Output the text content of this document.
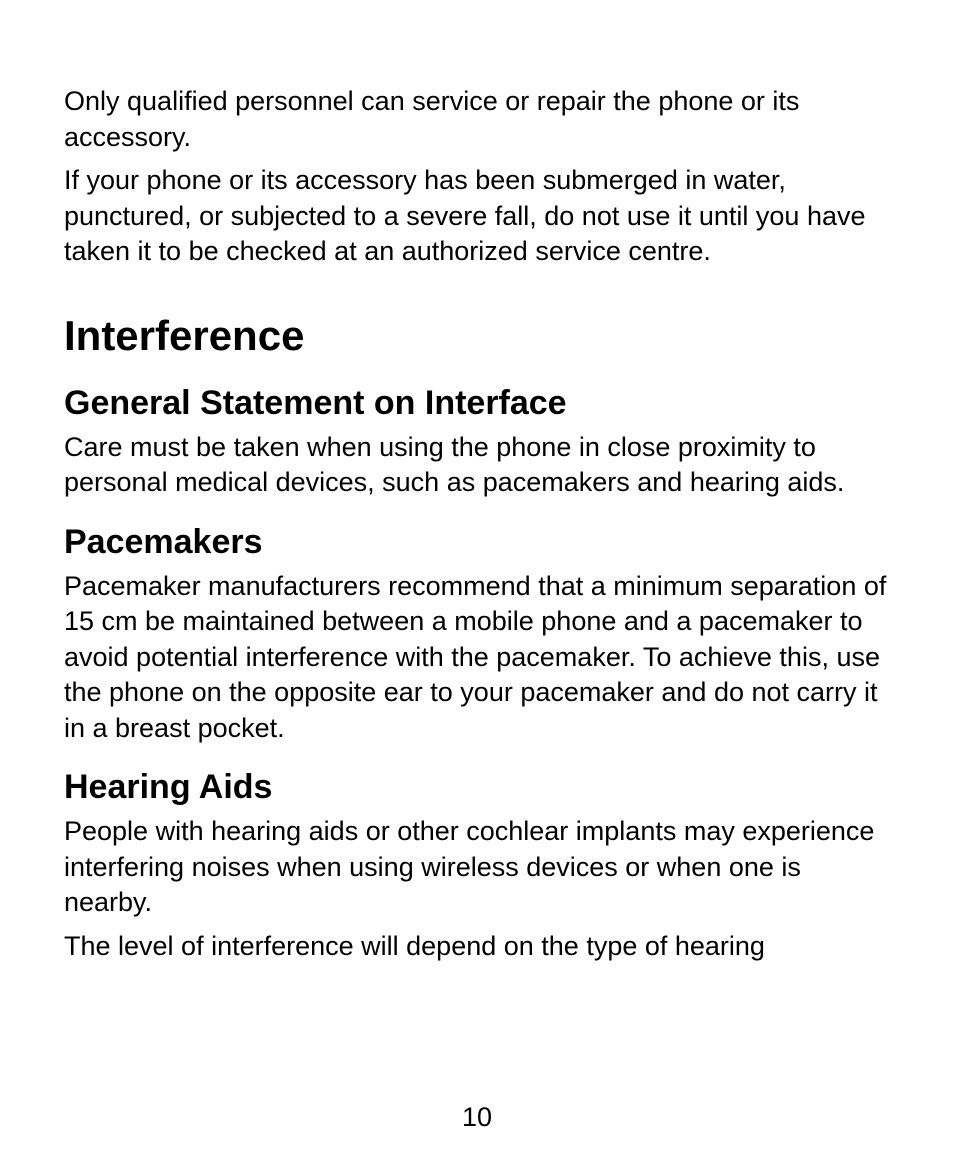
Only qualified personnel can service or repair the phone or its accessory.

If your phone or its accessory has been submerged in water, punctured, or subjected to a severe fall, do not use it until you have taken it to be checked at an authorized service centre.

Interference
General Statement on Interface

Care must be taken when using the phone in close proximity to personal medical devices, such as pacemakers and hearing aids.

Pacemakers

Pacemaker manufacturers recommend that a minimum separation of 15 cm be maintained between a mobile phone and a pacemaker to avoid potential interference with the pacemaker. To achieve this, use the phone on the opposite ear to your pacemaker and do not carry it in a breast pocket.

Hearing Aids

People with hearing aids or other cochlear implants may experience interfering noises when using wireless devices or when one is nearby.

The level of interference will depend on the type of hearing

10
